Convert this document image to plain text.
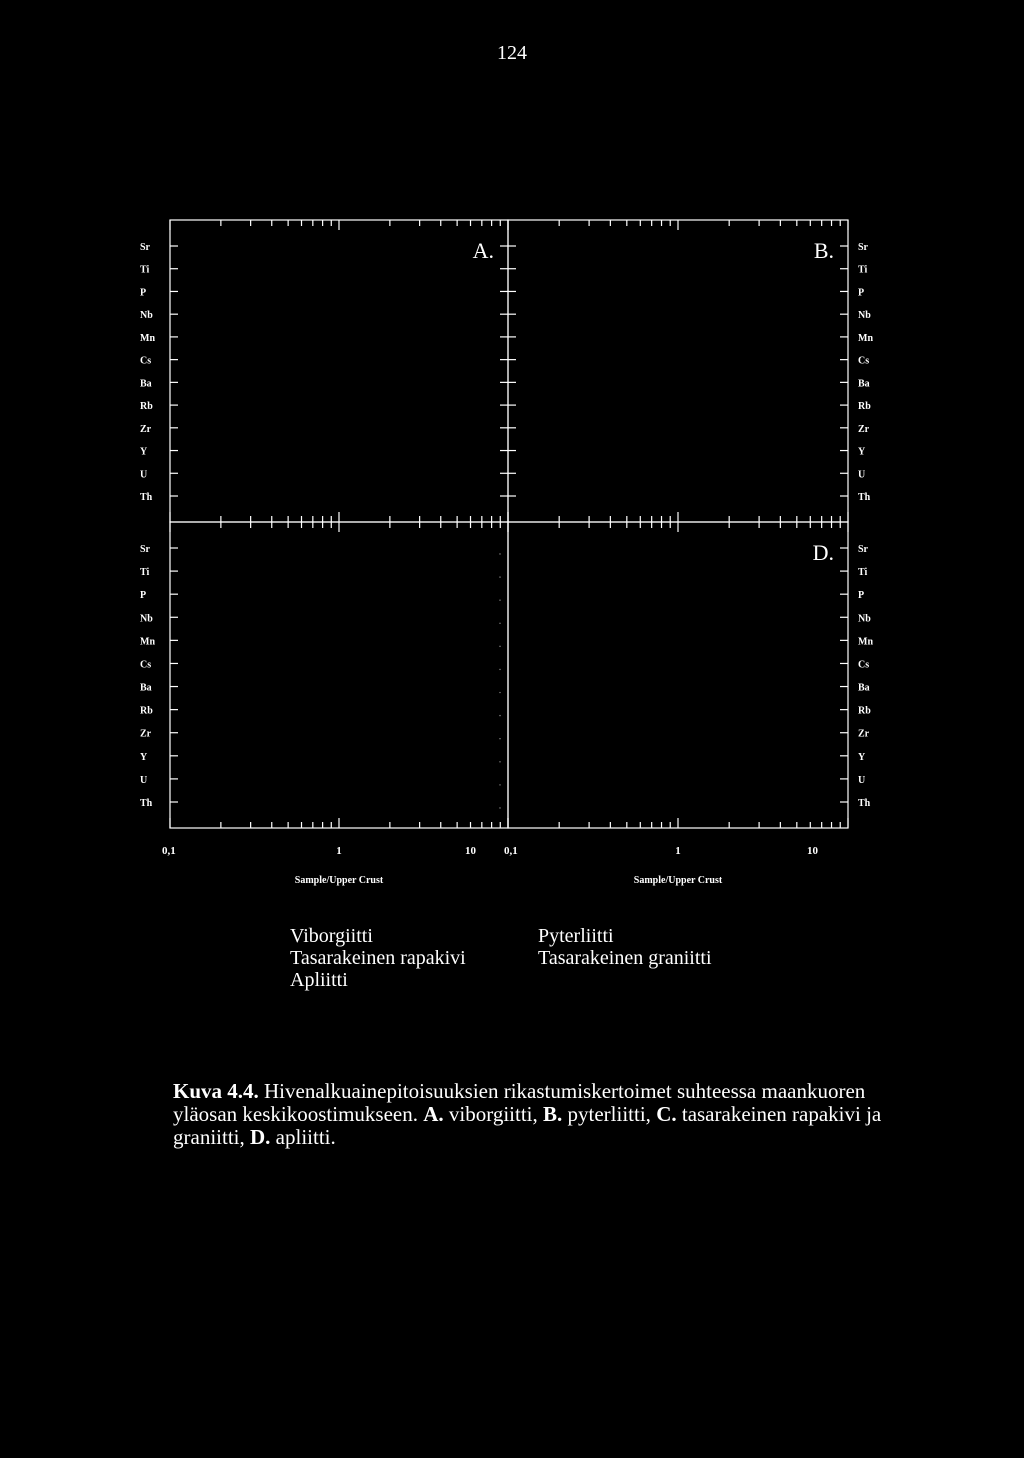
124
Sr	Sr
Ti	Ti
P	P
Nb	Nb
Mn	Mn
Cs	Cs
Ba	Ba
Rb	Rb
Zr	Zr
Y	Y
U	U
Th	Th
Sr	Sr
Ti	Ti
P	P
Nb	Nb
Mn	Mn
Cs	Cs
Ba	Ba
Rb	Rb
Zr	Zr
Y	Y
U	U
Th	Th
A.	B.
D.
0,1	1	10
Sample/Upper Crust
0,1	1	10
Sample/Upper Crust
Viborgiitti
Tasarakeinen rapakivi
Apliitti
Pyterliitti
Tasarakeinen graniitti
Kuva 4.4. Hivenalkuainepitoisuuksien rikastumiskertoimet suhteessa maankuoren yläosan keskikoostimukseen. A. viborgiitti, B. pyterliitti, C. tasarakeinen rapakivi ja graniitti, D. apliitti.
